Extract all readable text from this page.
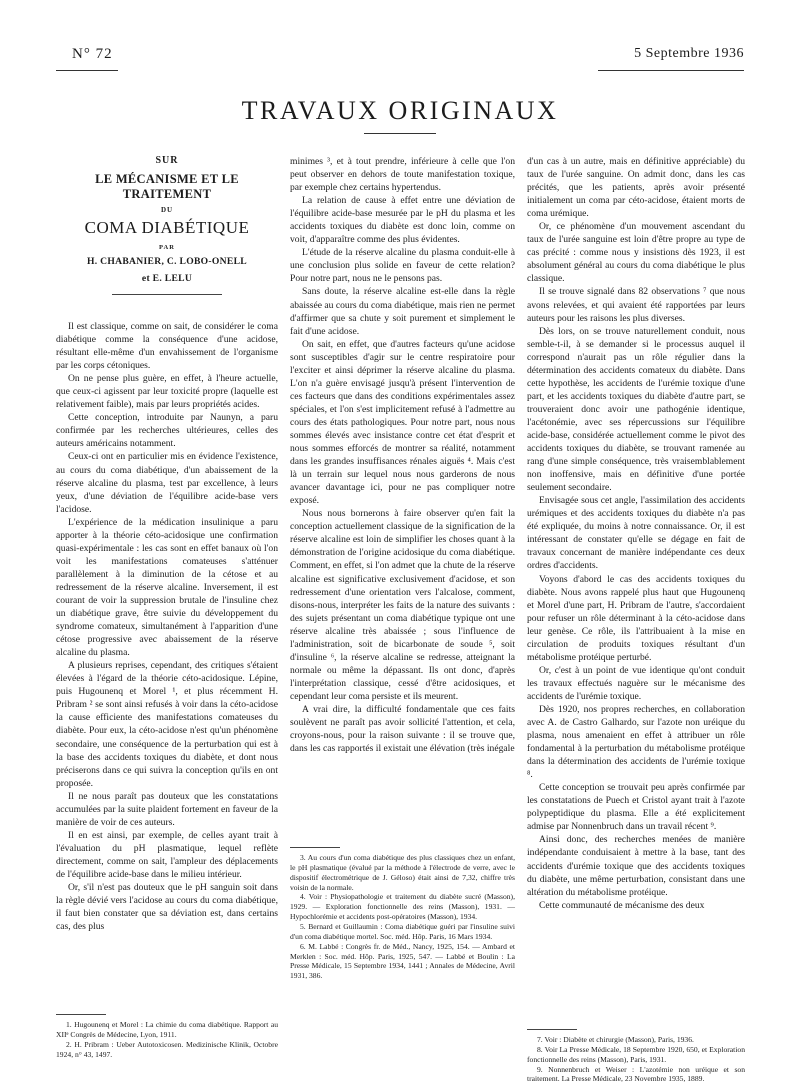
N° 72	5 Septembre 1936
TRAVAUX ORIGINAUX
SUR
LE MÉCANISME ET LE TRAITEMENT
DU
COMA DIABÉTIQUE
PAR
H. CHABANIER, C. LOBO-ONELL
et E. LELU

Il est classique, comme on sait, de considérer le coma diabétique comme la conséquence d'une acidose, résultant elle-même d'un envahissement de l'organisme par les corps cétoniques.

On ne pense plus guère, en effet, à l'heure actuelle, que ceux-ci agissent par leur toxicité propre (laquelle est relativement faible), mais par leurs propriétés acides.

Cette conception, introduite par Naunyn, a paru confirmée par les recherches ultérieures, celles des auteurs américains notamment.

Ceux-ci ont en particulier mis en évidence l'existence, au cours du coma diabétique, d'un abaissement de la réserve alcaline du plasma, test par excellence, à leurs yeux, d'une déviation de l'équilibre acide-base vers l'acidose.

L'expérience de la médication insulinique a paru apporter à la théorie céto-acidosique une confirmation quasi-expérimentale : les cas sont en effet banaux où l'on voit les manifestations comateuses s'atténuer parallèlement à la diminution de la cétose et au redressement de la réserve alcaline. Inversement, il est courant de voir la suppression brutale de l'insuline chez un diabétique grave, être suivie du développement du syndrome comateux, simultanément à l'apparition d'une cétose progressive avec abaissement de la réserve alcaline du plasma.

A plusieurs reprises, cependant, des critiques s'étaient élevées à l'égard de la théorie céto-acidosique. Lépine, puis Hugounenq et Morel ¹, et plus récemment H. Pribram ² se sont ainsi refusés à voir dans la céto-acidose la cause efficiente des manifestations comateuses du diabète. Pour eux, la céto-acidose n'est qu'un phénomène secondaire, une conséquence de la perturbation qui est à la base des accidents toxiques du diabète, et dont nous préciserons dans ce qui suivra la conception qu'ils en ont proposée.

Il ne nous paraît pas douteux que les constatations accumulées par la suite plaident fortement en faveur de la manière de voir de ces auteurs.

Il en est ainsi, par exemple, de celles ayant trait à l'évaluation du pH plasmatique, lequel reflète directement, comme on sait, l'ampleur des déplacements de l'équilibre acide-base dans le milieu intérieur.

Or, s'il n'est pas douteux que le pH sanguin soit dans la règle dévié vers l'acidose au cours du coma diabétique, il faut bien constater que sa déviation est, dans certains cas, des plus

minimes ³, et à tout prendre, inférieure à celle que l'on peut observer en dehors de toute manifestation toxique, par exemple chez certains hypertendus.

La relation de cause à effet entre une déviation de l'équilibre acide-base mesurée par le pH du plasma et les accidents toxiques du diabète est donc loin, comme on voit, d'apparaître comme des plus évidentes.

L'étude de la réserve alcaline du plasma conduit-elle à une conclusion plus solide en faveur de cette relation? Pour notre part, nous ne le pensons pas.

Sans doute, la réserve alcaline est-elle dans la règle abaissée au cours du coma diabétique, mais rien ne permet d'affirmer que sa chute y soit purement et simplement le fait d'une acidose.

On sait, en effet, que d'autres facteurs qu'une acidose sont susceptibles d'agir sur le centre respiratoire pour l'exciter et ainsi déprimer la réserve alcaline du plasma. L'on n'a guère envisagé jusqu'à présent l'intervention de ces facteurs que dans des conditions expérimentales assez spéciales, et l'on s'est implicitement refusé à l'admettre au cours des états pathologiques. Pour notre part, nous nous sommes élevés avec insistance contre cet état d'esprit et nous sommes efforcés de montrer sa réalité, notamment dans les grandes insuffisances rénales aiguës ⁴. Mais c'est là un terrain sur lequel nous nous garderons de nous avancer davantage ici, pour ne pas compliquer notre exposé.

Nous nous bornerons à faire observer qu'en fait la conception actuellement classique de la signification de la réserve alcaline est loin de simplifier les choses quant à la démonstration de l'origine acidosique du coma diabétique. Comment, en effet, si l'on admet que la chute de la réserve alcaline est significative exclusivement d'acidose, et son redressement d'une orientation vers l'alcalose, comment, disons-nous, interpréter les faits de la nature des suivants : des sujets présentant un coma diabétique typique ont une réserve alcaline très abaissée ; sous l'influence de l'administration, soit de bicarbonate de soude ⁵, soit d'insuline ⁶, la réserve alcaline se redresse, atteignant la normale ou même la dépassant. Ils ont donc, d'après l'interprétation classique, cessé d'être acidosiques, et cependant leur coma persiste et ils meurent.

A vrai dire, la difficulté fondamentale que ces faits soulèvent ne paraît pas avoir sollicité l'attention, et cela, croyons-nous, pour la raison suivante : il se trouve que, dans les cas rapportés il existait une élévation (très inégale

d'un cas à un autre, mais en définitive appréciable) du taux de l'urée sanguine. On admit donc, dans les cas précités, que les patients, après avoir présenté initialement un coma par céto-acidose, étaient morts de coma urémique.

Or, ce phénomène d'un mouvement ascendant du taux de l'urée sanguine est loin d'être propre au type de cas précité : comme nous y insistions dès 1923, il est absolument général au cours du coma diabétique le plus classique.

Il se trouve signalé dans 82 observations ⁷ que nous avons relevées, et qui avaient été rapportées par leurs auteurs pour les raisons les plus diverses.

Dès lors, on se trouve naturellement conduit, nous semble-t-il, à se demander si le processus auquel il correspond n'aurait pas un rôle régulier dans la détermination des accidents comateux du diabète. Dans cette hypothèse, les accidents de l'urémie toxique d'une part, et les accidents toxiques du diabète d'autre part, se trouveraient donc avoir une pathogénie identique, l'acétonémie, avec ses répercussions sur l'équilibre acide-base, considérée actuellement comme le pivot des accidents toxiques du diabète, se trouvant ramenée au rang d'une simple conséquence, très vraisemblablement non inoffensive, mais en définitive d'une portée seulement secondaire.

Envisagée sous cet angle, l'assimilation des accidents urémiques et des accidents toxiques du diabète n'a pas été expliquée, du moins à notre connaissance. Or, il est intéressant de constater qu'elle se dégage en fait de travaux concernant de manière indépendante ces deux ordres d'accidents.

Voyons d'abord le cas des accidents toxiques du diabète. Nous avons rappelé plus haut que Hugounenq et Morel d'une part, H. Pribram de l'autre, s'accordaient pour refuser un rôle déterminant à la céto-acidose dans leur genèse. Ce rôle, ils l'attribuaient à la mise en circulation de produits toxiques résultant d'un métabolisme protéique perturbé.

Or, c'est à un point de vue identique qu'ont conduit les travaux effectués naguère sur le mécanisme des accidents de l'urémie toxique.

Dès 1920, nos propres recherches, en collaboration avec A. de Castro Galhardo, sur l'azote non uréique du plasma, nous amenaient en effet à attribuer un rôle fondamental à la perturbation du métabolisme protéique dans la détermination des accidents de l'urémie toxique ⁸.

Cette conception se trouvait peu après confirmée par les constatations de Puech et Cristol ayant trait à l'azote polypeptidique du plasma. Elle a été explicitement admise par Nonnenbruch dans un travail récent ⁹.

Ainsi donc, des recherches menées de manière indépendante conduisaient à mettre à la base, tant des accidents d'urémie toxique que des accidents toxiques du diabète, une même perturbation, consistant dans une altération du métabolisme protéique.

Cette communauté de mécanisme des deux

1. Hugounenq et Morel : La chimie du coma diabétique. Rapport au XIIᵉ Congrès de Médecine, Lyon, 1911.

2. H. Pribram : Ueber Autotoxicosen. Medizinische Klinik, Octobre 1924, n° 43, 1497.

3. Au cours d'un coma diabétique des plus classiques chez un enfant, le pH plasmatique (évalué par la méthode à l'électrode de verre, avec le dispositif électrométrique de J. Géloso) était ainsi de 7,32, chiffre très voisin de la normale.

4. Voir : Physiopathologie et traitement du diabète sucré (Masson), 1929. — Exploration fonctionnelle des reins (Masson), 1931. — Hypochlorémie et accidents post-opératoires (Masson), 1934.

5. Bernard et Guillaumin : Coma diabétique guéri par l'insuline suivi d'un coma diabétique mortel. Soc. méd. Hôp. Paris, 16 Mars 1934.

6. M. Labbé : Congrès fr. de Méd., Nancy, 1925, 154. — Ambard et Merklen : Soc. méd. Hôp. Paris, 1925, 547. — Labbé et Boulin : La Presse Médicale, 15 Septembre 1934, 1441 ; Annales de Médecine, Avril 1931, 386.

7. Voir : Diabète et chirurgie (Masson), Paris, 1936.

8. Voir La Presse Médicale, 18 Septembre 1920, 650, et Exploration fonctionnelle des reins (Masson), Paris, 1931.

9. Nonnenbruch et Weiser : L'azotémie non uréique et son traitement. La Presse Médicale, 23 Novembre 1935, 1889.
